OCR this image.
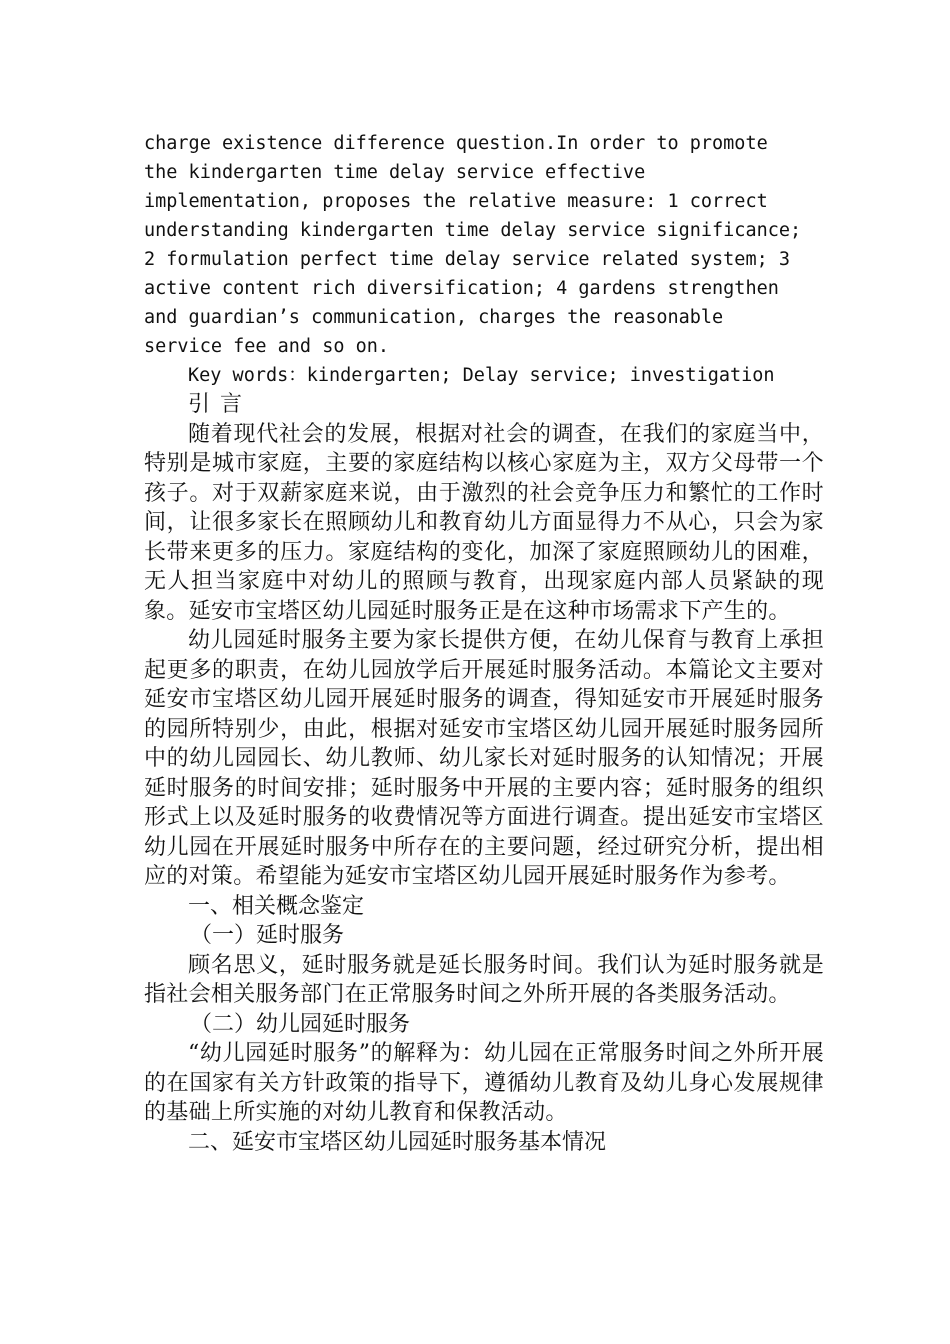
charge existence difference question.In order to promote
the kindergarten time delay service effective
implementation, proposes the relative measure: 1 correct
understanding kindergarten time delay service significance;
2 formulation perfect time delay service related system; 3
active content rich diversification; 4 gardens strengthen
and guardian’s communication, charges the reasonable
service fee and so on.

Key words：kindergarten; Delay service; investigation

引言

随着现代社会的发展，根据对社会的调查，在我们的家庭当中，特别是城市家庭，主要的家庭结构以核心家庭为主，双方父母带一个孩子。对于双薪家庭来说，由于激烈的社会竞争压力和繁忙的工作时间，让很多家长在照顾幼儿和教育幼儿方面显得力不从心，只会为家长带来更多的压力。家庭结构的变化，加深了家庭照顾幼儿的困难，无人担当家庭中对幼儿的照顾与教育，出现家庭内部人员紧缺的现象。延安市宝塔区幼儿园延时服务正是在这种市场需求下产生的。

幼儿园延时服务主要为家长提供方便，在幼儿保育与教育上承担起更多的职责，在幼儿园放学后开展延时服务活动。本篇论文主要对延安市宝塔区幼儿园开展延时服务的调查，得知延安市开展延时服务的园所特别少，由此，根据对延安市宝塔区幼儿园开展延时服务园所中的幼儿园园长、幼儿教师、幼儿家长对延时服务的认知情况；开展延时服务的时间安排；延时服务中开展的主要内容；延时服务的组织形式上以及延时服务的收费情况等方面进行调查。提出延安市宝塔区幼儿园在开展延时服务中所存在的主要问题，经过研究分析，提出相应的对策。希望能为延安市宝塔区幼儿园开展延时服务作为参考。

一、相关概念鉴定

（一）延时服务

顾名思义，延时服务就是延长服务时间。我们认为延时服务就是指社会相关服务部门在正常服务时间之外所开展的各类服务活动。

（二）幼儿园延时服务

“幼儿园延时服务”的解释为：幼儿园在正常服务时间之外所开展的在国家有关方针政策的指导下，遵循幼儿教育及幼儿身心发展规律的基础上所实施的对幼儿教育和保教活动。

二、延安市宝塔区幼儿园延时服务基本情况
